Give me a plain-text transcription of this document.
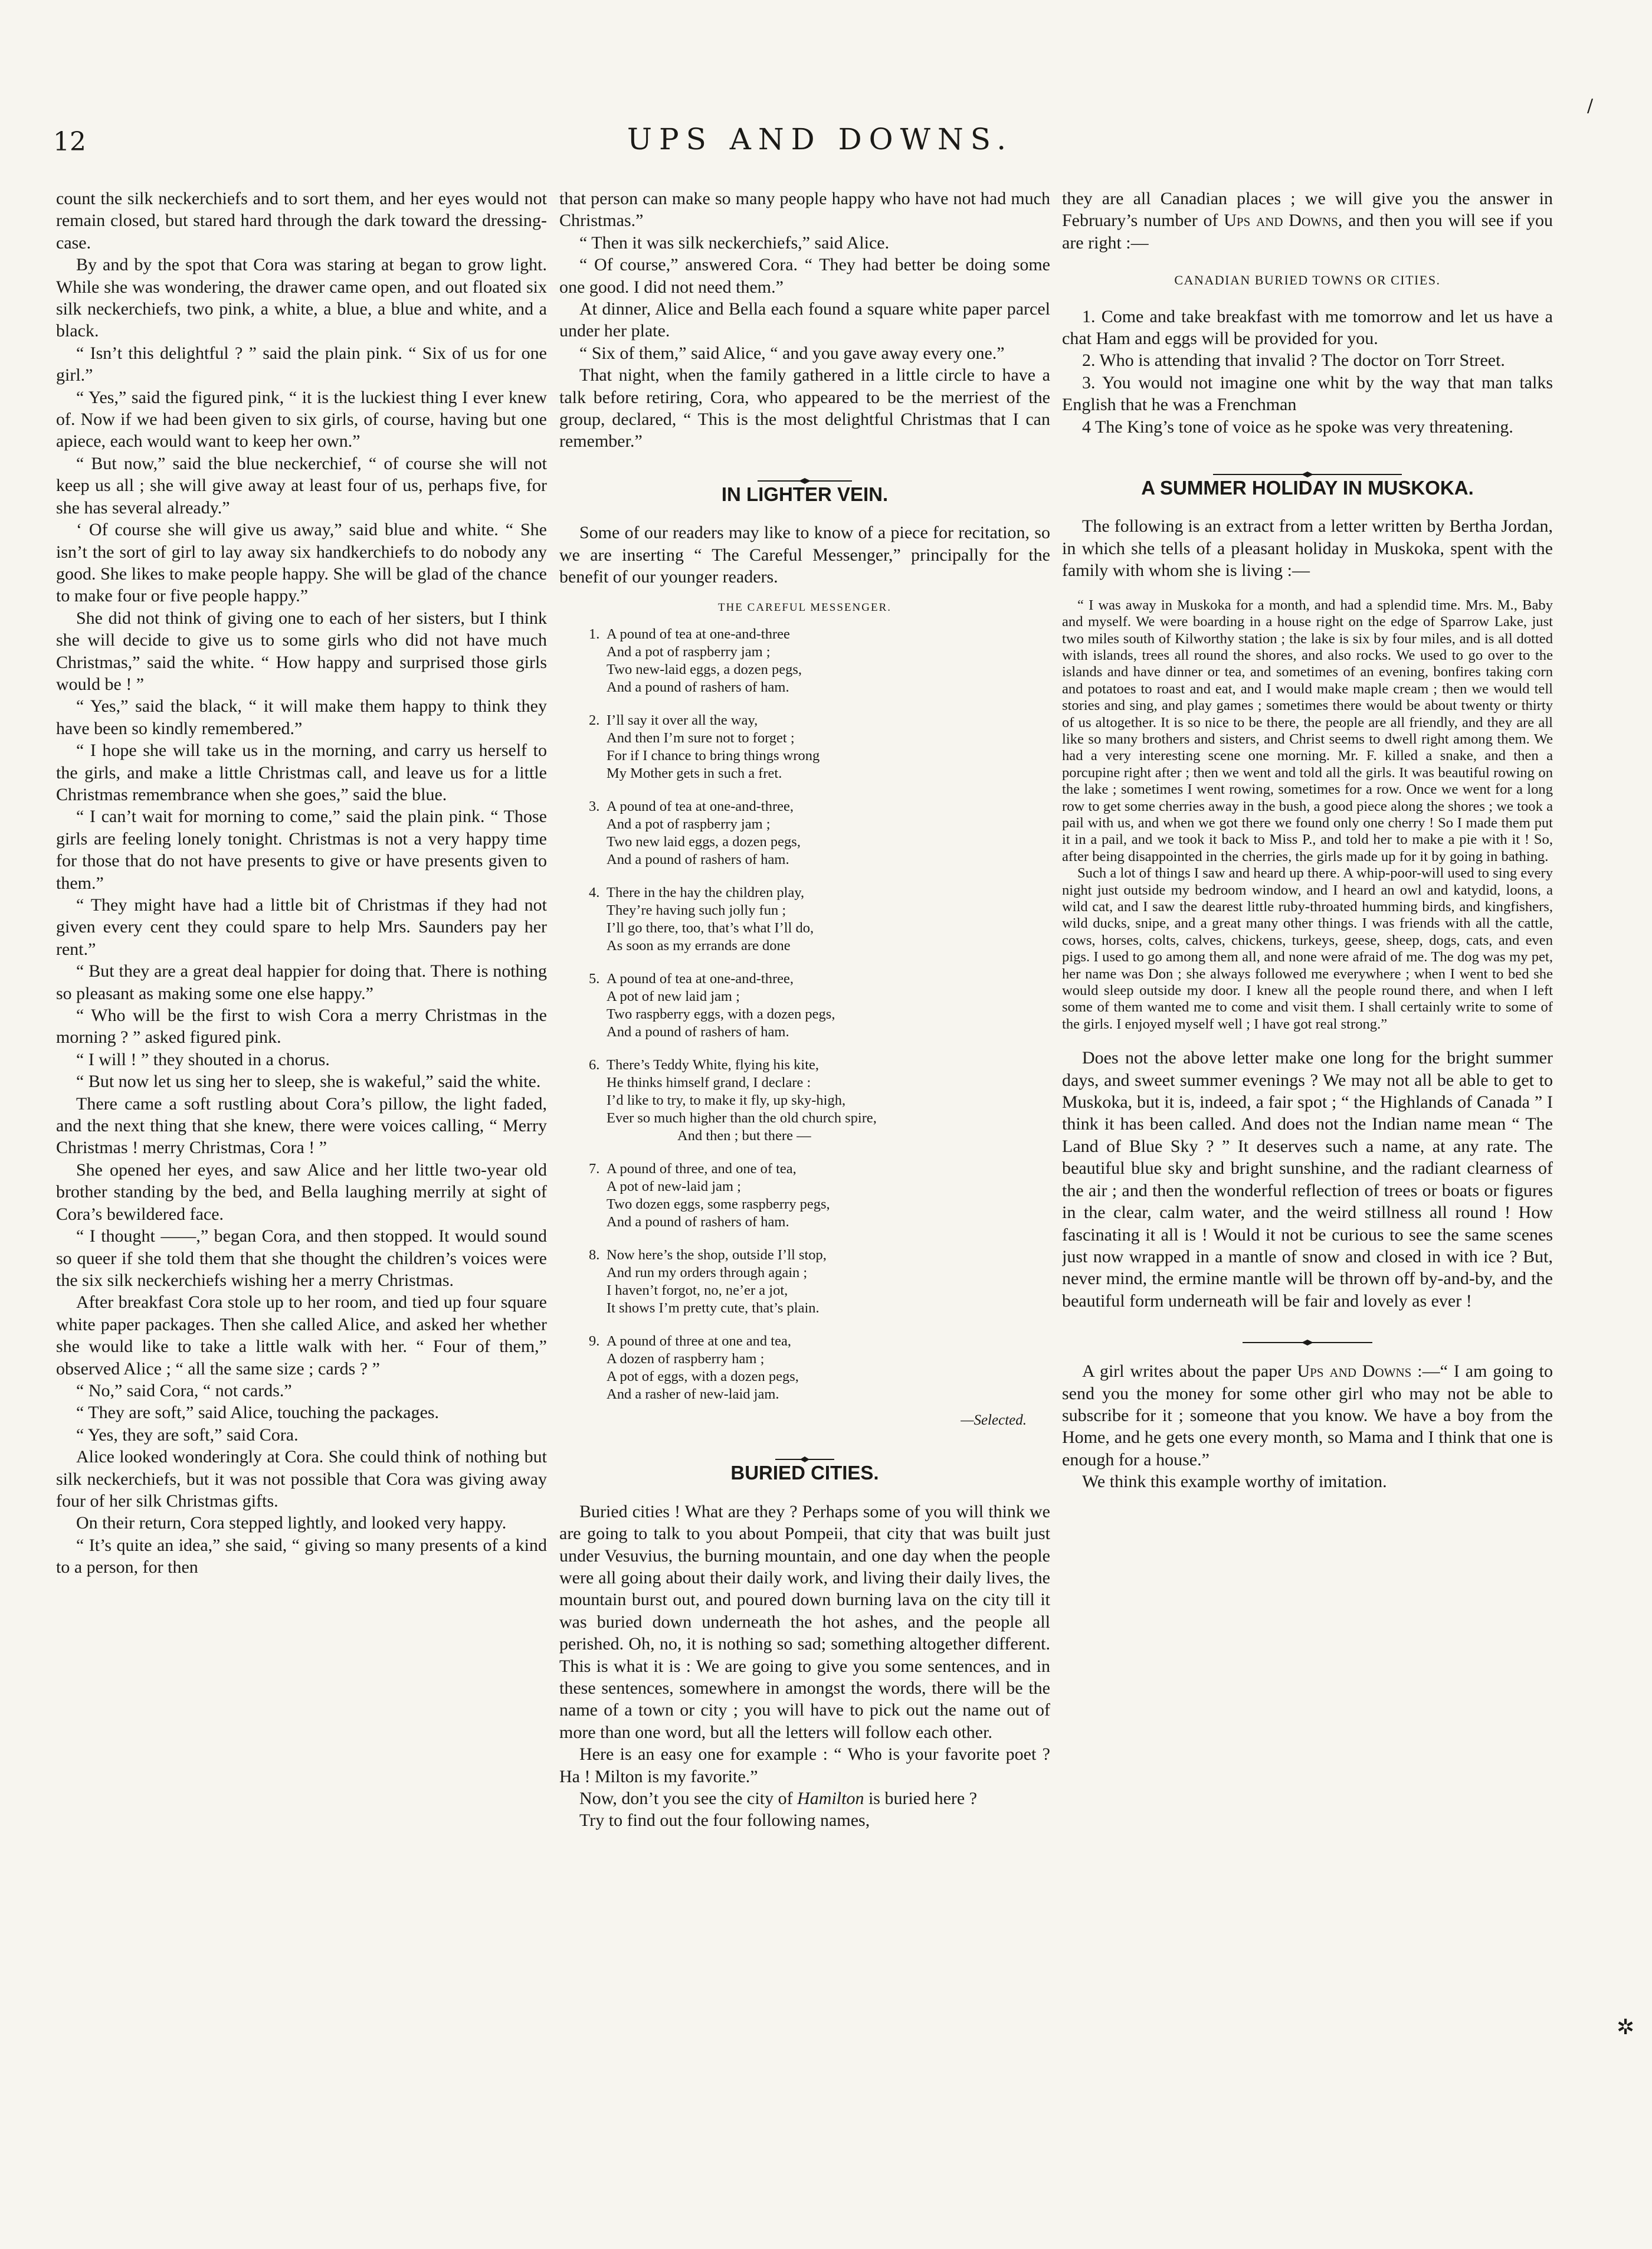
/
✲
12	UPS AND DOWNS.

count the silk neckerchiefs and to sort them, and her eyes would not remain closed, but stared hard through the dark toward the dressing-case.

By and by the spot that Cora was staring at began to grow light. While she was wondering, the drawer came open, and out floated six silk neckerchiefs, two pink, a white, a blue, a blue and white, and a black.

“ Isn’t this delightful ? ” said the plain pink. “ Six of us for one girl.”

“ Yes,” said the figured pink, “ it is the luckiest thing I ever knew of. Now if we had been given to six girls, of course, having but one apiece, each would want to keep her own.”

“ But now,” said the blue neckerchief, “ of course she will not keep us all ; she will give away at least four of us, perhaps five, for she has several already.”

‘ Of course she will give us away,” said blue and white. “ She isn’t the sort of girl to lay away six handkerchiefs to do nobody any good. She likes to make people happy. She will be glad of the chance to make four or five people happy.”

She did not think of giving one to each of her sisters, but I think she will decide to give us to some girls who did not have much Christmas,” said the white. “ How happy and surprised those girls would be ! ”

“ Yes,” said the black, “ it will make them happy to think they have been so kindly remembered.”

“ I hope she will take us in the morning, and carry us herself to the girls, and make a little Christmas call, and leave us for a little Christmas remembrance when she goes,” said the blue.

“ I can’t wait for morning to come,” said the plain pink. “ Those girls are feeling lonely tonight. Christmas is not a very happy time for those that do not have presents to give or have presents given to them.”

“ They might have had a little bit of Christmas if they had not given every cent they could spare to help Mrs. Saunders pay her rent.”

“ But they are a great deal happier for doing that. There is nothing so pleasant as making some one else happy.”

“ Who will be the first to wish Cora a merry Christmas in the morning ? ” asked figured pink.

“ I will ! ” they shouted in a chorus.

“ But now let us sing her to sleep, she is wakeful,” said the white.

There came a soft rustling about Cora’s pillow, the light faded, and the next thing that she knew, there were voices calling, “ Merry Christmas ! merry Christmas, Cora ! ”

She opened her eyes, and saw Alice and her little two-year old brother standing by the bed, and Bella laughing merrily at sight of Cora’s bewildered face.

“ I thought ——,” began Cora, and then stopped. It would sound so queer if she told them that she thought the children’s voices were the six silk neckerchiefs wishing her a merry Christmas.

After breakfast Cora stole up to her room, and tied up four square white paper packages. Then she called Alice, and asked her whether she would like to take a little walk with her. “ Four of them,” observed Alice ; “ all the same size ; cards ? ”

“ No,” said Cora, “ not cards.”

“ They are soft,” said Alice, touching the packages.

“ Yes, they are soft,” said Cora.

Alice looked wonderingly at Cora. She could think of nothing but silk neckerchiefs, but it was not possible that Cora was giving away four of her silk Christmas gifts.

On their return, Cora stepped lightly, and looked very happy.

“ It’s quite an idea,” she said, “ giving so many presents of a kind to a person, for then

that person can make so many people happy who have not had much Christmas.”

“ Then it was silk neckerchiefs,” said Alice.

“ Of course,” answered Cora. “ They had better be doing some one good. I did not need them.”

At dinner, Alice and Bella each found a square white paper parcel under her plate.

“ Six of them,” said Alice, “ and you gave away every one.”

That night, when the family gathered in a little circle to have a talk before retiring, Cora, who appeared to be the merriest of the group, declared, “ This is the most delightful Christmas that I can remember.”

IN LIGHTER VEIN.

Some of our readers may like to know of a piece for recitation, so we are inserting “ The Careful Messenger,” principally for the benefit of our younger readers.

THE CAREFUL MESSENGER.
1. A pound of tea at one-and-three
And a pot of raspberry jam ;
Two new-laid eggs, a dozen pegs,
And a pound of rashers of ham.
2. I’ll say it over all the way,
And then I’m sure not to forget ;
For if I chance to bring things wrong
My Mother gets in such a fret.
3. A pound of tea at one-and-three,
And a pot of raspberry jam ;
Two new laid eggs, a dozen pegs,
And a pound of rashers of ham.
4. There in the hay the children play,
They’re having such jolly fun ;
I’ll go there, too, that’s what I’ll do,
As soon as my errands are done
5. A pound of tea at one-and-three,
A pot of new laid jam ;
Two raspberry eggs, with a dozen pegs,
And a pound of rashers of ham.
6. There’s Teddy White, flying his kite,
He thinks himself grand, I declare :
I’d like to try, to make it fly, up sky-high,
Ever so much higher than the old church spire,
And then ; but there —
7. A pound of three, and one of tea,
A pot of new-laid jam ;
Two dozen eggs, some raspberry pegs,
And a pound of rashers of ham.
8. Now here’s the shop, outside I’ll stop,
And run my orders through again ;
I haven’t forgot, no, ne’er a jot,
It shows I’m pretty cute, that’s plain.
9. A pound of three at one and tea,
A dozen of raspberry ham ;
A pot of eggs, with a dozen pegs,
And a rasher of new-laid jam.
—Selected.
BURIED CITIES.

Buried cities ! What are they ? Perhaps some of you will think we are going to talk to you about Pompeii, that city that was built just under Vesuvius, the burning mountain, and one day when the people were all going about their daily work, and living their daily lives, the mountain burst out, and poured down burning lava on the city till it was buried down underneath the hot ashes, and the people all perished. Oh, no, it is nothing so sad; something altogether different. This is what it is : We are going to give you some sentences, and in these sentences, somewhere in amongst the words, there will be the name of a town or city ; you will have to pick out the name out of more than one word, but all the letters will follow each other.

Here is an easy one for example : “ Who is your favorite poet ? Ha ! Milton is my favorite.”

Now, don’t you see the city of Hamilton is buried here ?

Try to find out the four following names,

they are all Canadian places ; we will give you the answer in February’s number of Ups and Downs, and then you will see if you are right :—

CANADIAN BURIED TOWNS OR CITIES.

1. Come and take breakfast with me tomorrow and let us have a chat Ham and eggs will be provided for you.

2. Who is attending that invalid ? The doctor on Torr Street.

3. You would not imagine one whit by the way that man talks English that he was a Frenchman

4 The King’s tone of voice as he spoke was very threatening.

A SUMMER HOLIDAY IN MUSKOKA.

The following is an extract from a letter written by Bertha Jordan, in which she tells of a pleasant holiday in Muskoka, spent with the family with whom she is living :—

“ I was away in Muskoka for a month, and had a splendid time. Mrs. M., Baby and myself. We were boarding in a house right on the edge of Sparrow Lake, just two miles south of Kilworthy station ; the lake is six by four miles, and is all dotted with islands, trees all round the shores, and also rocks. We used to go over to the islands and have dinner or tea, and sometimes of an evening, bonfires taking corn and potatoes to roast and eat, and I would make maple cream ; then we would tell stories and sing, and play games ; sometimes there would be about twenty or thirty of us altogether. It is so nice to be there, the people are all friendly, and they are all like so many brothers and sisters, and Christ seems to dwell right among them. We had a very interesting scene one morning. Mr. F. killed a snake, and then a porcupine right after ; then we went and told all the girls. It was beautiful rowing on the lake ; sometimes I went rowing, sometimes for a row. Once we went for a long row to get some cherries away in the bush, a good piece along the shores ; we took a pail with us, and when we got there we found only one cherry ! So I made them put it in a pail, and we took it back to Miss P., and told her to make a pie with it ! So, after being disappointed in the cherries, the girls made up for it by going in bathing.

Such a lot of things I saw and heard up there. A whip-poor-will used to sing every night just outside my bedroom window, and I heard an owl and katydid, loons, a wild cat, and I saw the dearest little ruby-throated humming birds, and kingfishers, wild ducks, snipe, and a great many other things. I was friends with all the cattle, cows, horses, colts, calves, chickens, turkeys, geese, sheep, dogs, cats, and even pigs. I used to go among them all, and none were afraid of me. The dog was my pet, her name was Don ; she always followed me everywhere ; when I went to bed she would sleep outside my door. I knew all the people round there, and when I left some of them wanted me to come and visit them. I shall certainly write to some of the girls. I enjoyed myself well ; I have got real strong.”

Does not the above letter make one long for the bright summer days, and sweet summer evenings ? We may not all be able to get to Muskoka, but it is, indeed, a fair spot ; “ the Highlands of Canada ” I think it has been called. And does not the Indian name mean “ The Land of Blue Sky ? ” It deserves such a name, at any rate. The beautiful blue sky and bright sunshine, and the radiant clearness of the air ; and then the wonderful reflection of trees or boats or figures in the clear, calm water, and the weird stillness all round ! How fascinating it all is ! Would it not be curious to see the same scenes just now wrapped in a mantle of snow and closed in with ice ? But, never mind, the ermine mantle will be thrown off by-and-by, and the beautiful form underneath will be fair and lovely as ever !

A girl writes about the paper Ups and Downs :—“ I am going to send you the money for some other girl who may not be able to subscribe for it ; someone that you know. We have a boy from the Home, and he gets one every month, so Mama and I think that one is enough for a house.”

We think this example worthy of imitation.
